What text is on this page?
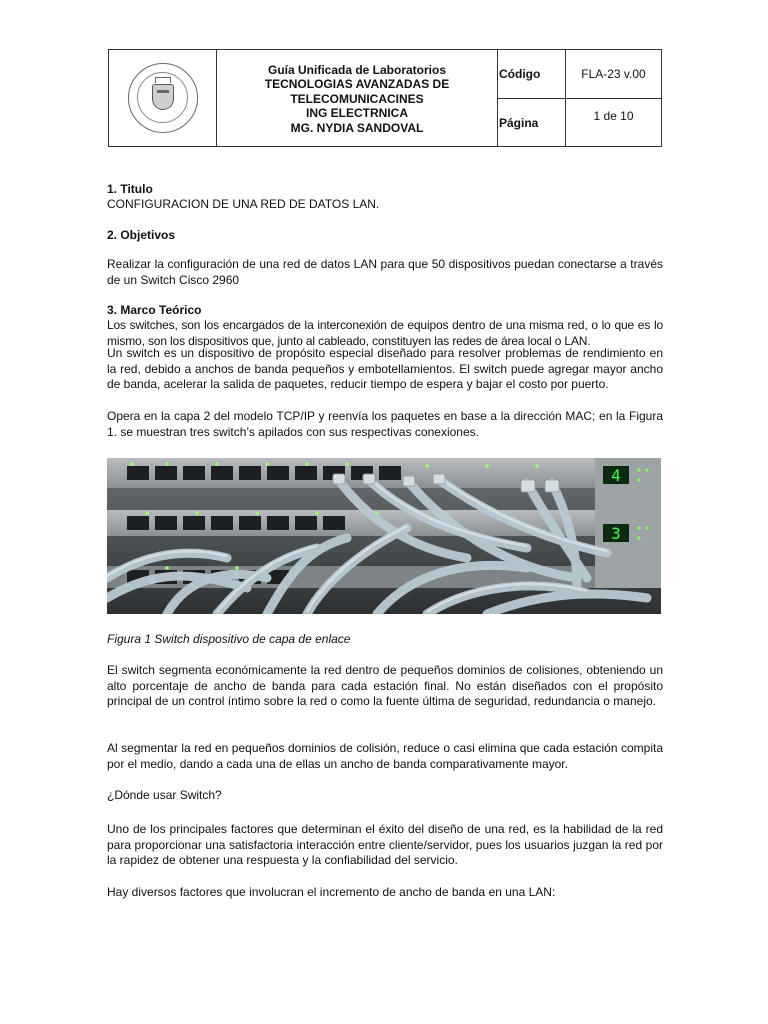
Guía Unificada de Laboratorios
TECNOLOGIAS AVANZADAS DE
TELECOMUNICACINES
ING ELECTRNICA
MG. NYDIA SANDOVAL
Código
Página
FLA-23 v.00
1 de 10
1. Titulo
CONFIGURACION DE UNA RED DE DATOS LAN.
2. Objetivos
Realizar la configuración de una red de datos LAN para que 50 dispositivos puedan conectarse a través de un Switch Cisco 2960
3. Marco Teórico
Los switches, son los encargados de la interconexión de equipos dentro de una misma red, o lo que es lo mismo, son los dispositivos que, junto al cableado, constituyen las redes de área local o LAN.
Un switch es un dispositivo de propósito especial diseñado para resolver problemas de rendimiento en la red, debido a anchos de banda pequeños y embotellamientos. El switch puede agregar mayor ancho de banda, acelerar la salida de paquetes, reducir tiempo de espera y bajar el costo por puerto.
Opera en la capa 2 del modelo TCP/IP y reenvía los paquetes en base a la dirección MAC; en la Figura 1. se muestran tres switch’s apilados con sus respectivas conexiones.
4
3
Figura 1 Switch dispositivo de capa de enlace
El switch segmenta económicamente la red dentro de pequeños dominios de colisiones, obteniendo un alto porcentaje de ancho de banda para cada estación final. No están diseñados con el propósito principal de un control íntimo sobre la red o como la fuente última de seguridad, redundancia o manejo.
Al segmentar la red en pequeños dominios de colisión, reduce o casi elimina que cada estación compita por el medio, dando a cada una de ellas un ancho de banda comparativamente mayor.
¿Dónde usar Switch?
Uno de los principales factores que determinan el éxito del diseño de una red, es la habilidad de la red para proporcionar una satisfactoria interacción entre cliente/servidor, pues los usuarios juzgan la red por la rapidez de obtener una respuesta y la confiabilidad del servicio.
Hay diversos factores que involucran el incremento de ancho de banda en una LAN:
